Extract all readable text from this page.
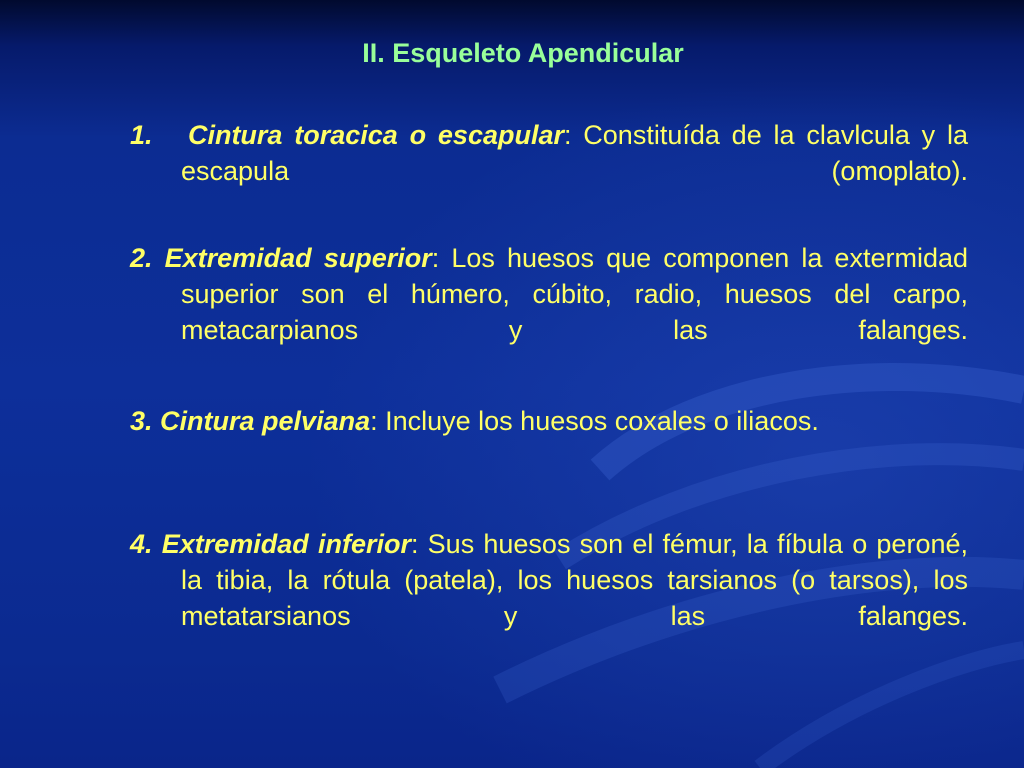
II. Esqueleto Apendicular

1. Cintura toracica o escapular: Constituída de la clavlcula y la escapula (omoplato).

2. Extremidad superior: Los huesos que componen la extermidad superior son el húmero, cúbito, radio, huesos del carpo, metacarpianos y las falanges.

3. Cintura pelviana: Incluye los huesos coxales o iliacos.

4. Extremidad inferior: Sus huesos son el fémur, la fíbula o peroné, la tibia, la rótula (patela), los huesos tarsianos (o tarsos), los metatarsianos y las falanges.
